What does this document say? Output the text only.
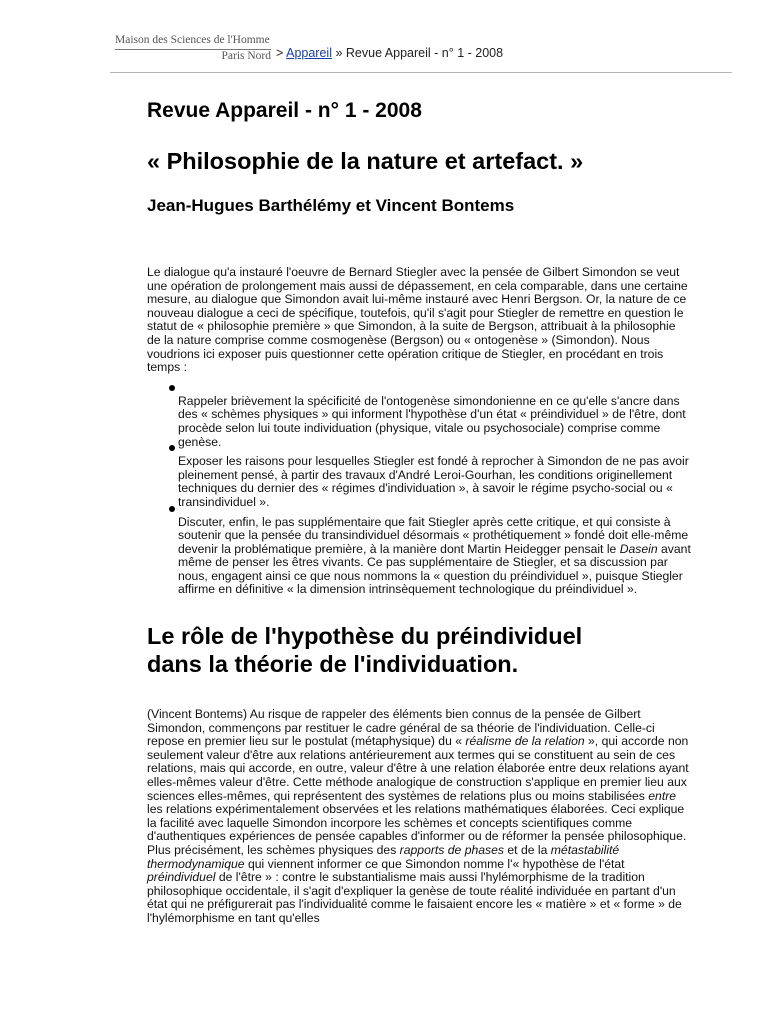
Maison des Sciences de l'Homme
Paris Nord > Appareil » Revue Appareil - n° 1 - 2008
Revue Appareil - n° 1 - 2008
« Philosophie de la nature et artefact. »
Jean-Hugues Barthélémy et Vincent Bontems

Le dialogue qu'a instauré l'oeuvre de Bernard Stiegler avec la pensée de Gilbert Simondon se veut une opération de prolongement mais aussi de dépassement, en cela comparable, dans une certaine mesure, au dialogue que Simondon avait lui-même instauré avec Henri Bergson. Or, la nature de ce nouveau dialogue a ceci de spécifique, toutefois, qu'il s'agit pour Stiegler de remettre en question le statut de « philosophie première » que Simondon, à la suite de Bergson, attribuait à la philosophie de la nature comprise comme cosmogenèse (Bergson) ou « ontogenèse » (Simondon). Nous voudrions ici exposer puis questionner cette opération critique de Stiegler, en procédant en trois temps :

Rappeler brièvement la spécificité de l'ontogenèse simondonienne en ce qu'elle s'ancre dans des « schèmes physiques » qui informent l'hypothèse d'un état « préindividuel » de l'être, dont procède selon lui toute individuation (physique, vitale ou psychosociale) comprise comme genèse.

Exposer les raisons pour lesquelles Stiegler est fondé à reprocher à Simondon de ne pas avoir pleinement pensé, à partir des travaux d'André Leroi-Gourhan, les conditions originellement techniques du dernier des « régimes d'individuation », à savoir le régime psycho-social ou « transindividuel ».

Discuter, enfin, le pas supplémentaire que fait Stiegler après cette critique, et qui consiste à soutenir que la pensée du transindividuel désormais « prothétiquement » fondé doit elle-même devenir la problématique première, à la manière dont Martin Heidegger pensait le Dasein avant même de penser les êtres vivants. Ce pas supplémentaire de Stiegler, et sa discussion par nous, engagent ainsi ce que nous nommons la « question du préindividuel », puisque Stiegler affirme en définitive « la dimension intrinsèquement technologique du préindividuel ».

Le rôle de l'hypothèse du préindividuel
dans la théorie de l'individuation.

(Vincent Bontems) Au risque de rappeler des éléments bien connus de la pensée de Gilbert Simondon, commençons par restituer le cadre général de sa théorie de l'individuation. Celle-ci repose en premier lieu sur le postulat (métaphysique) du « réalisme de la relation », qui accorde non seulement valeur d'être aux relations antérieurement aux termes qui se constituent au sein de ces relations, mais qui accorde, en outre, valeur d'être à une relation élaborée entre deux relations ayant elles-mêmes valeur d'être. Cette méthode analogique de construction s'applique en premier lieu aux sciences elles-mêmes, qui représentent des systèmes de relations plus ou moins stabilisées entre les relations expérimentalement observées et les relations mathématiques élaborées. Ceci explique la facilité avec laquelle Simondon incorpore les schèmes et concepts scientifiques comme d'authentiques expériences de pensée capables d'informer ou de réformer la pensée philosophique. Plus précisément, les schèmes physiques des rapports de phases et de la métastabilité thermodynamique qui viennent informer ce que Simondon nomme l'« hypothèse de l'état préindividuel de l'être » : contre le substantialisme mais aussi l'hylémorphisme de la tradition philosophique occidentale, il s'agit d'expliquer la genèse de toute réalité individuée en partant d'un état qui ne préfigurerait pas l'individualité comme le faisaient encore les « matière » et « forme » de l'hylémorphisme en tant qu'elles
